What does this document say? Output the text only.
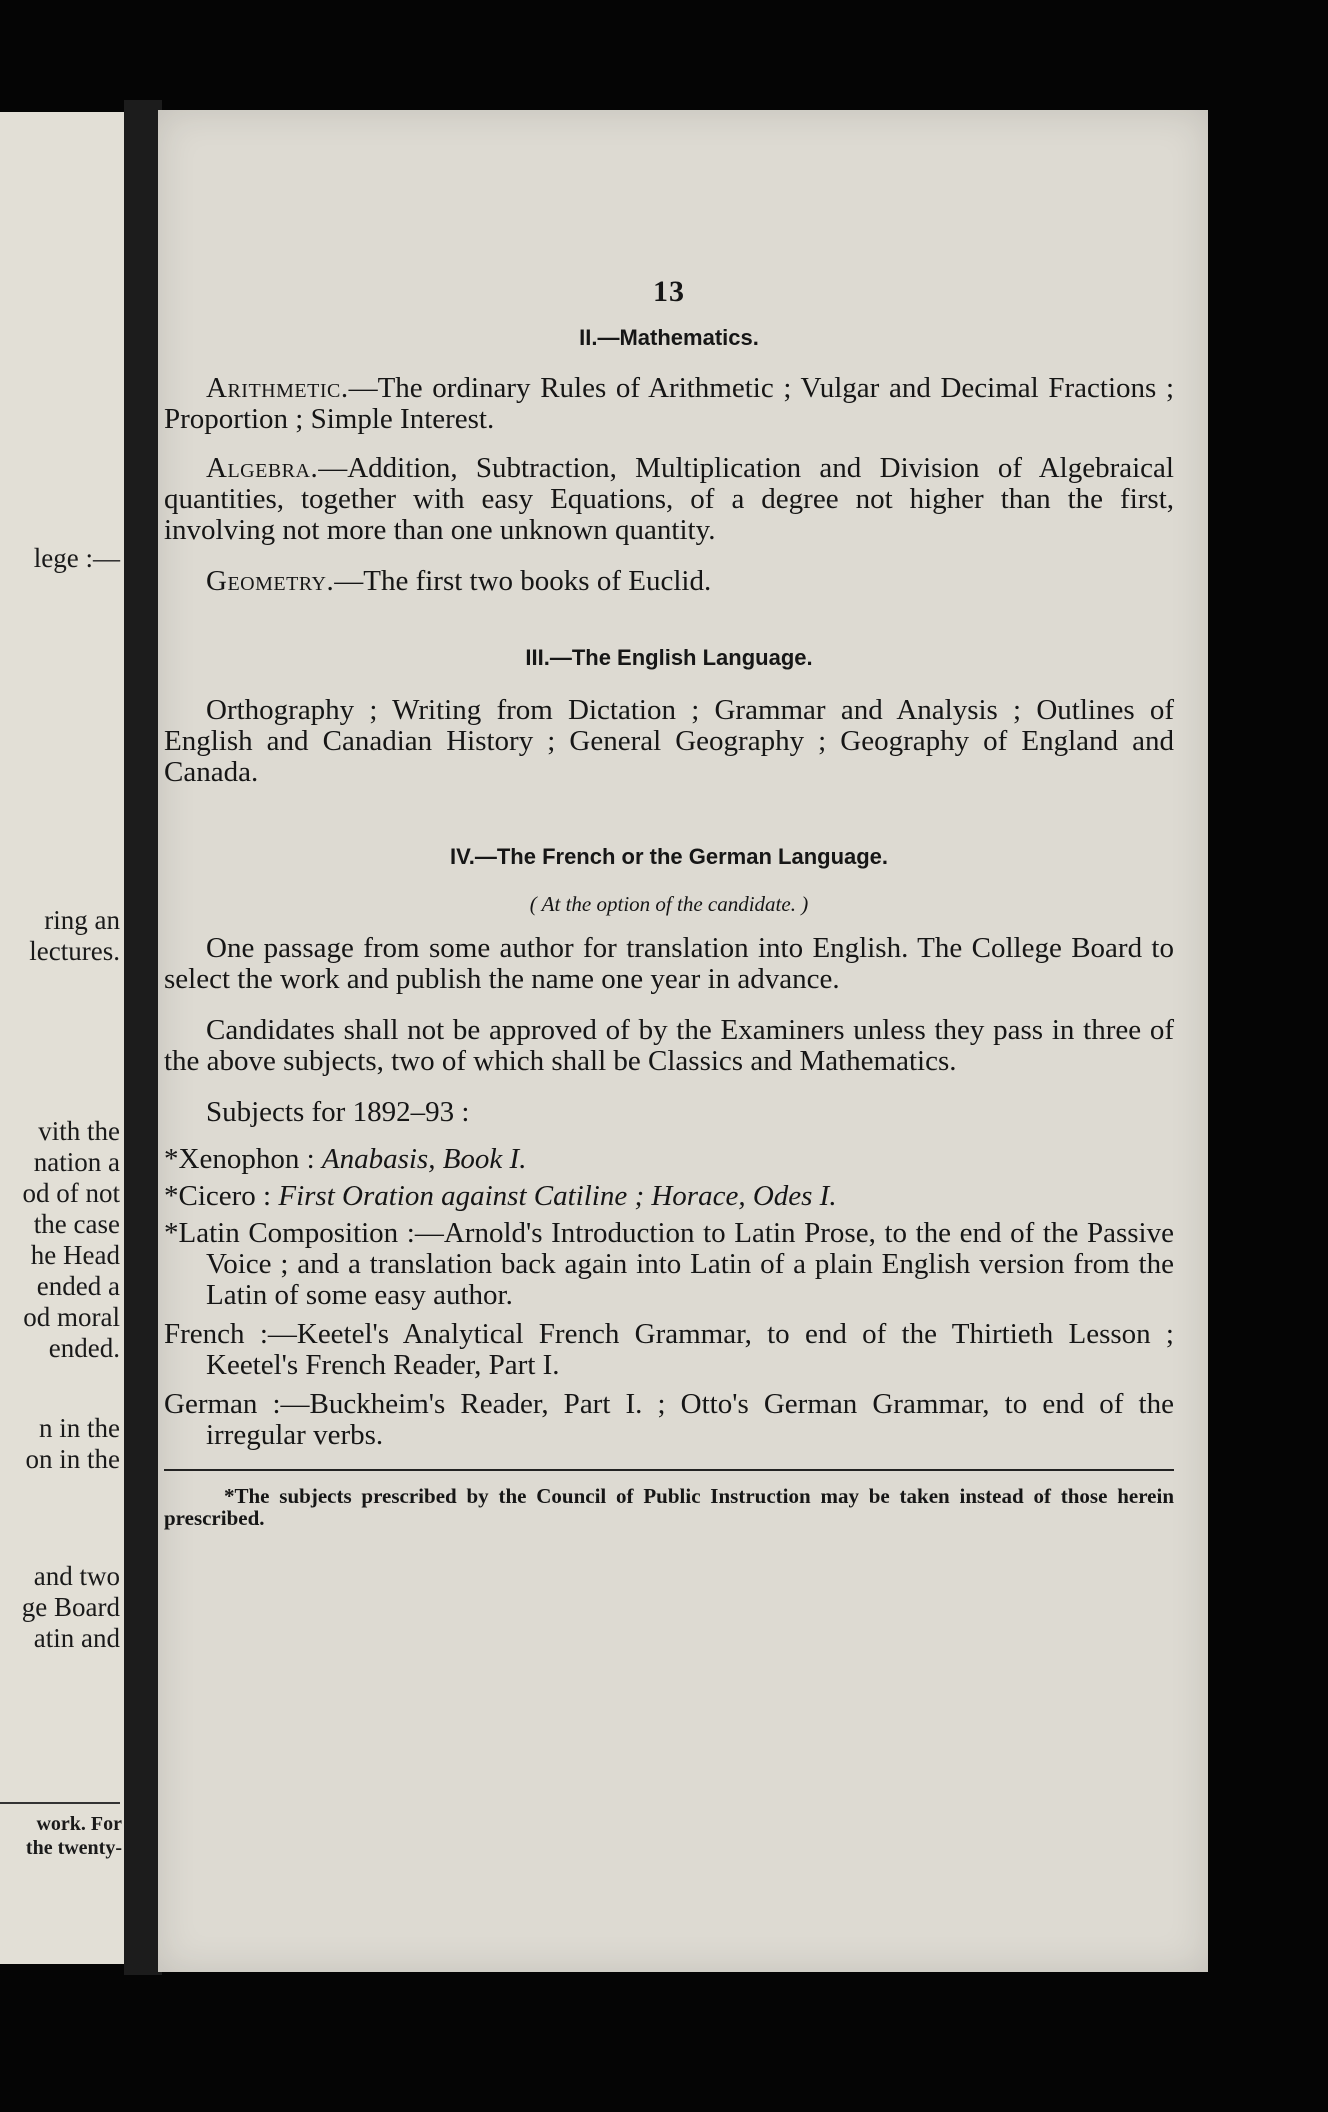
lege :—
ring an
lectures.
vith the
nation a
od of not
the case
he Head
ended a
od moral
ended.
n in the
on in the
and two
ge Board
atin and
work. For
the twenty-
13

II.—Mathematics.

Arithmetic.—The ordinary Rules of Arithmetic ; Vulgar and Decimal Fractions ; Proportion ; Simple Interest.

Algebra.—Addition, Subtraction, Multiplication and Division of Algebraical quantities, together with easy Equations, of a degree not higher than the first, involving not more than one unknown quantity.

Geometry.—The first two books of Euclid.

III.—The English Language.

Orthography ; Writing from Dictation ; Grammar and Analysis ; Outlines of English and Canadian History ; General Geography ; Geography of England and Canada.

IV.—The French or the German Language.

( At the option of the candidate. )

One passage from some author for translation into English. The College Board to select the work and publish the name one year in advance.

Candidates shall not be approved of by the Examiners unless they pass in three of the above subjects, two of which shall be Classics and Mathematics.

Subjects for 1892–93 :

*Xenophon : Anabasis, Book I.

*Cicero : First Oration against Catiline ; Horace, Odes I.

*Latin Composition :—Arnold's Introduction to Latin Prose, to the end of the Passive Voice ; and a translation back again into Latin of a plain English version from the Latin of some easy author.

French :—Keetel's Analytical French Grammar, to end of the Thirtieth Lesson ; Keetel's French Reader, Part I.

German :—Buckheim's Reader, Part I. ; Otto's German Grammar, to end of the irregular verbs.

*The subjects prescribed by the Council of Public Instruction may be taken instead of those herein prescribed.
